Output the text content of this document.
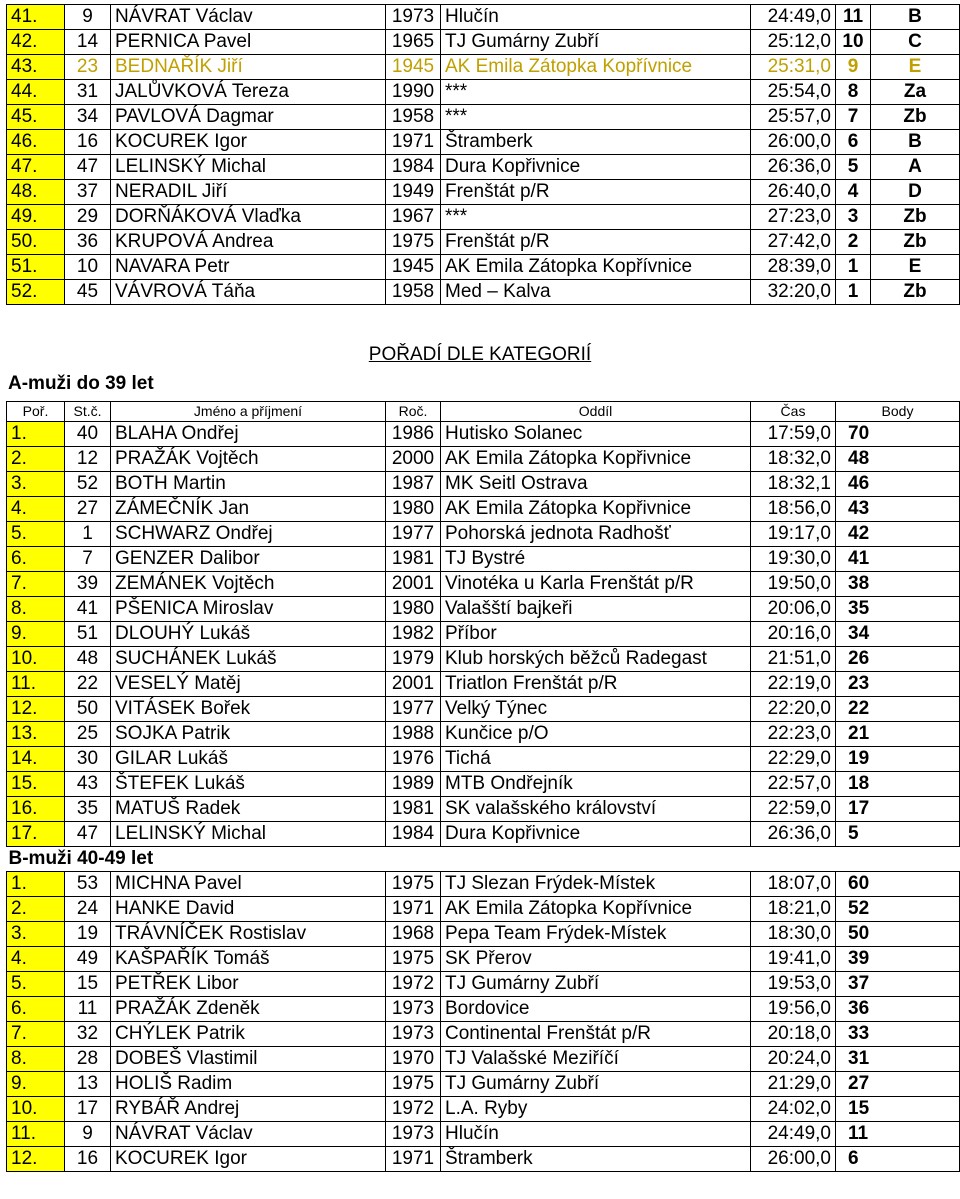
41.	9	NÁVRAT Václav	1973	Hlučín	24:49,0	11	B
42.	14	PERNICA Pavel	1965	TJ Gumárny Zubří	25:12,0	10	C
43.	23	BEDNAŘÍK Jiří	1945	AK Emila Zátopka Kopřívnice	25:31,0	9	E
44.	31	JALŮVKOVÁ Tereza	1990	***	25:54,0	8	Za
45.	34	PAVLOVÁ Dagmar	1958	***	25:57,0	7	Zb
46.	16	KOCUREK Igor	1971	Štramberk	26:00,0	6	B
47.	47	LELINSKÝ Michal	1984	Dura Kopřivnice	26:36,0	5	A
48.	37	NERADIL Jiří	1949	Frenštát p/R	26:40,0	4	D
49.	29	DORŇÁKOVÁ Vlaďka	1967	***	27:23,0	3	Zb
50.	36	KRUPOVÁ Andrea	1975	Frenštát p/R	27:42,0	2	Zb
51.	10	NAVARA Petr	1945	AK Emila Zátopka Kopřívnice	28:39,0	1	E
52.	45	VÁVROVÁ Táňa	1958	Med – Kalva	32:20,0	1	Zb
POŘADÍ DLE KATEGORIÍ
A-muži do 39 let
Poř.	St.č.	Jméno a příjmení	Roč.	Oddíl	Čas	Body
1.	40	BLAHA Ondřej	1986	Hutisko Solanec	17:59,0	70
2.	12	PRAŽÁK Vojtěch	2000	AK Emila Zátopka Kopřivnice	18:32,0	48
3.	52	BOTH Martin	1987	MK Seitl Ostrava	18:32,1	46
4.	27	ZÁMEČNÍK Jan	1980	AK Emila Zátopka Kopřivnice	18:56,0	43
5.	1	SCHWARZ Ondřej	1977	Pohorská jednota Radhošť	19:17,0	42
6.	7	GENZER Dalibor	1981	TJ Bystré	19:30,0	41
7.	39	ZEMÁNEK Vojtěch	2001	Vinotéka u Karla Frenštát p/R	19:50,0	38
8.	41	PŠENICA Miroslav	1980	Valašští bajkeři	20:06,0	35
9.	51	DLOUHÝ Lukáš	1982	Příbor	20:16,0	34
10.	48	SUCHÁNEK Lukáš	1979	Klub horských běžců Radegast	21:51,0	26
11.	22	VESELÝ Matěj	2001	Triatlon Frenštát p/R	22:19,0	23
12.	50	VITÁSEK Bořek	1977	Velký Týnec	22:20,0	22
13.	25	SOJKA Patrik	1988	Kunčice p/O	22:23,0	21
14.	30	GILAR Lukáš	1976	Tichá	22:29,0	19
15.	43	ŠTEFEK Lukáš	1989	MTB Ondřejník	22:57,0	18
16.	35	MATUŠ Radek	1981	SK valašského království	22:59,0	17
17.	47	LELINSKÝ Michal	1984	Dura Kopřivnice	26:36,0	5
B-muži 40-49 let						
1.	53	MICHNA Pavel	1975	TJ Slezan Frýdek-Místek	18:07,0	60
2.	24	HANKE David	1971	AK Emila Zátopka Kopřívnice	18:21,0	52
3.	19	TRÁVNÍČEK Rostislav	1968	Pepa Team Frýdek-Místek	18:30,0	50
4.	49	KAŠPAŘÍK Tomáš	1975	SK Přerov	19:41,0	39
5.	15	PETŘEK Libor	1972	TJ Gumárny Zubří	19:53,0	37
6.	11	PRAŽÁK Zdeněk	1973	Bordovice	19:56,0	36
7.	32	CHÝLEK Patrik	1973	Continental Frenštát p/R	20:18,0	33
8.	28	DOBEŠ Vlastimil	1970	TJ Valašské Meziříčí	20:24,0	31
9.	13	HOLIŠ Radim	1975	TJ Gumárny Zubří	21:29,0	27
10.	17	RYBÁŘ Andrej	1972	L.A. Ryby	24:02,0	15
11.	9	NÁVRAT Václav	1973	Hlučín	24:49,0	11
12.	16	KOCUREK Igor	1971	Štramberk	26:00,0	6
